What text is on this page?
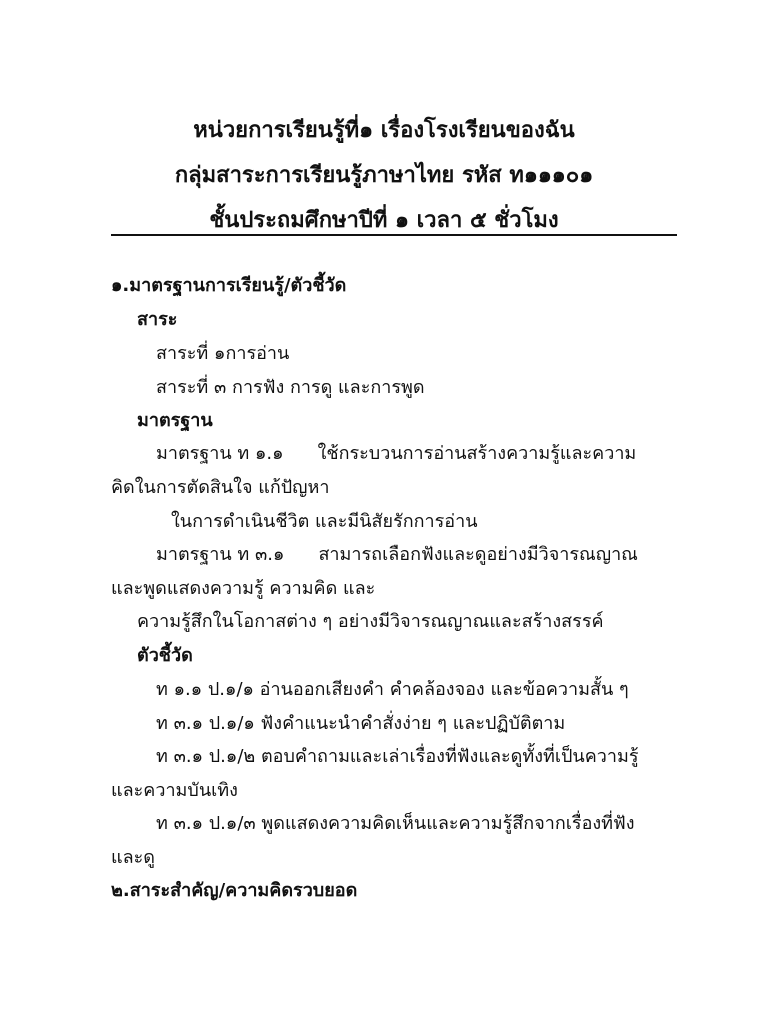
หน่วยการเรียนรู้ที่๑ เรื่องโรงเรียนของฉัน
กลุ่มสาระการเรียนรู้ภาษาไทย รหัส ท๑๑๑๐๑
ชั้นประถมศึกษาปีที่ ๑ เวลา ๕ ชั่วโมง
๑.มาตรฐานการเรียนรู้/ตัวชี้วัด
สาระ
สาระที่ ๑การอ่าน
สาระที่ ๓ การฟัง การดู และการพูด
มาตรฐาน
มาตรฐาน ท ๑.๑ ใช้กระบวนการอ่านสร้างความรู้และความ
คิดในการตัดสินใจ แก้ปัญหา
ในการดำเนินชีวิต และมีนิสัยรักการอ่าน
มาตรฐาน ท ๓.๑ สามารถเลือกฟังและดูอย่างมีวิจารณญาณ
และพูดแสดงความรู้ ความคิด และ
ความรู้สึกในโอกาสต่าง ๆ อย่างมีวิจารณญาณและสร้างสรรค์
ตัวชี้วัด
ท ๑.๑ ป.๑/๑ อ่านออกเสียงคำ คำคล้องจอง และข้อความสั้น ๆ
ท ๓.๑ ป.๑/๑ ฟังคำแนะนำคำสั่งง่าย ๆ และปฏิบัติตาม
ท ๓.๑ ป.๑/๒ ตอบคำถามและเล่าเรื่องที่ฟังและดูทั้งที่เป็นความรู้
และความบันเทิง
ท ๓.๑ ป.๑/๓ พูดแสดงความคิดเห็นและความรู้สึกจากเรื่องที่ฟัง
และดู
๒.สาระสำคัญ/ความคิดรวบยอด
